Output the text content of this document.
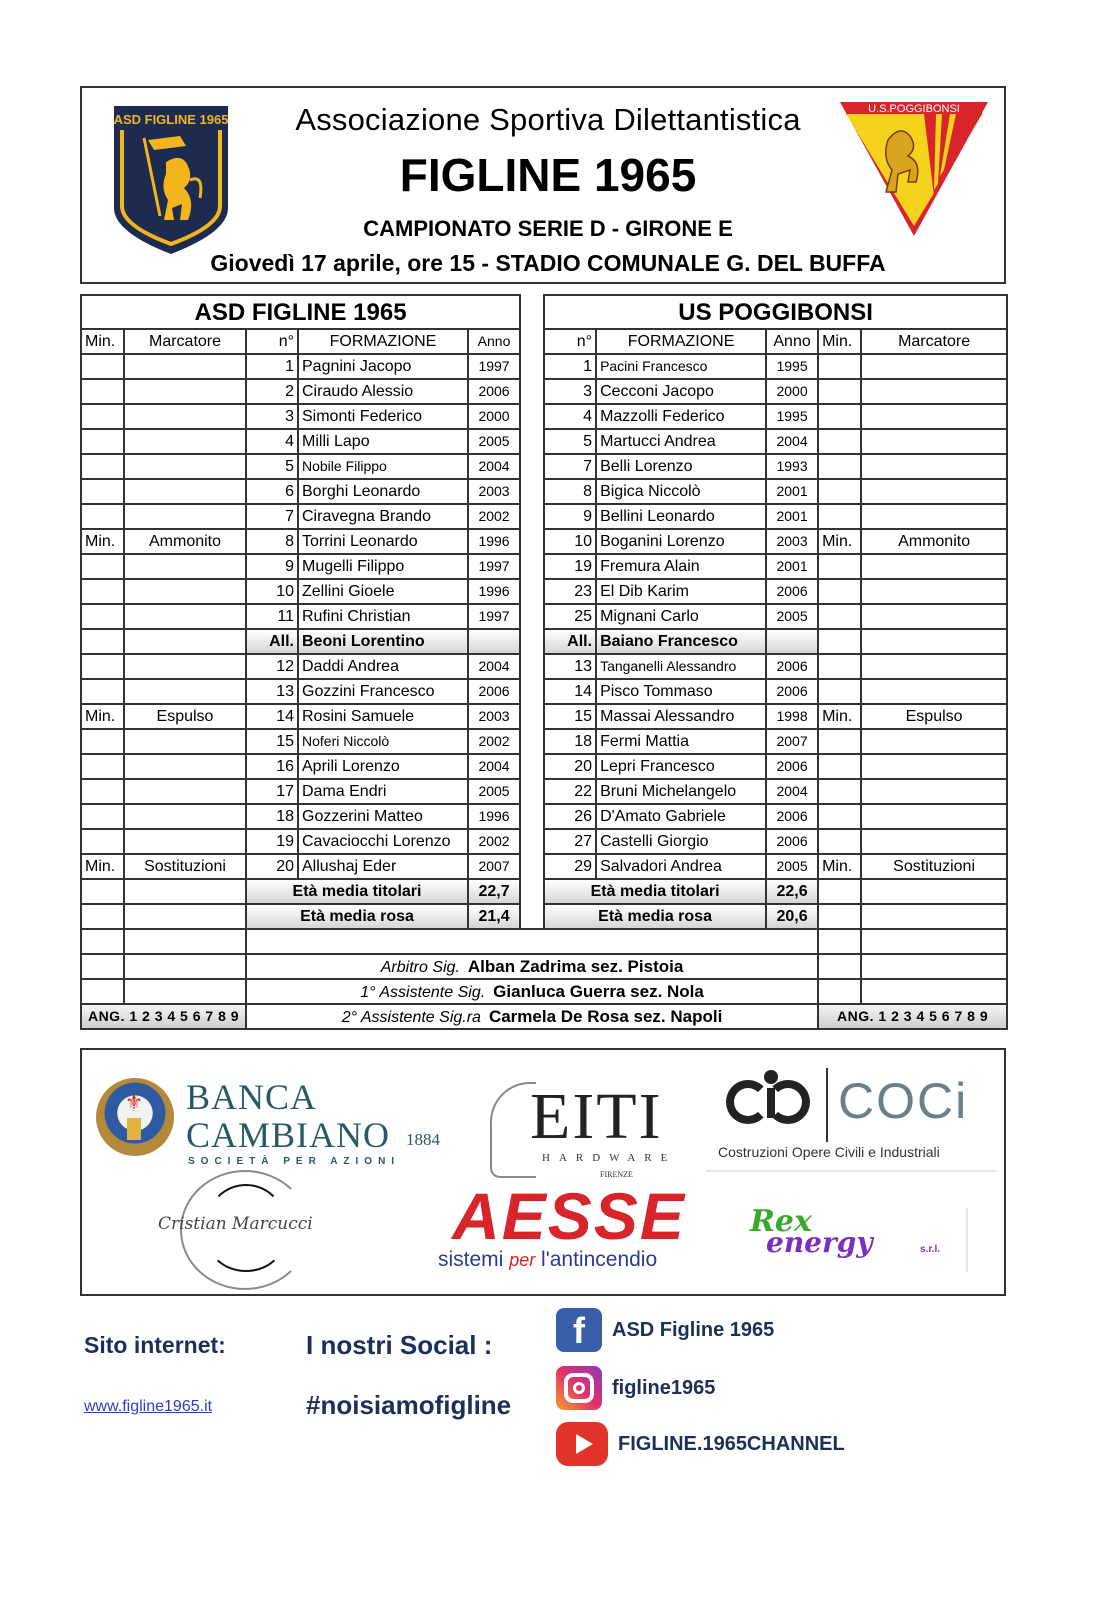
ASD FIGLINE 1965	Associazione Sportiva Dilettantistica
FIGLINE 1965
CAMPIONATO SERIE D - GIRONE E
Giovedì 17 aprile, ore 15 - STADIO COMUNALE G. DEL BUFFA
U.S.POGGIBONSI
ASD FIGLINE 1965						US POGGIBONSI				
Min.	Marcatore	n°	FORMAZIONE	Anno		n°	FORMAZIONE	Anno	Min.	Marcatore
		1	Pagnini Jacopo	1997		1	Pacini Francesco	1995		
		2	Ciraudo Alessio	2006		3	Cecconi Jacopo	2000		
		3	Simonti Federico	2000		4	Mazzolli Federico	1995		
		4	Milli Lapo	2005		5	Martucci Andrea	2004		
		5	Nobile Filippo	2004		7	Belli Lorenzo	1993		
		6	Borghi Leonardo	2003		8	Bigica Niccolò	2001		
		7	Ciravegna Brando	2002		9	Bellini Leonardo	2001		
Min.	Ammonito	8	Torrini Leonardo	1996		10	Boganini Lorenzo	2003	Min.	Ammonito
		9	Mugelli Filippo	1997		19	Fremura Alain	2001		
		10	Zellini Gioele	1996		23	El Dib Karim	2006		
		11	Rufini Christian	1997		25	Mignani Carlo	2005		
		All.	Beoni Lorentino			All.	Baiano Francesco			
		12	Daddi Andrea	2004		13	Tanganelli Alessandro	2006		
		13	Gozzini Francesco	2006		14	Pisco Tommaso	2006		
Min.	Espulso	14	Rosini Samuele	2003		15	Massai Alessandro	1998	Min.	Espulso
		15	Noferi Niccolò	2002		18	Fermi Mattia	2007		
		16	Aprili Lorenzo	2004		20	Lepri Francesco	2006		
		17	Dama Endri	2005		22	Bruni Michelangelo	2004		
		18	Gozzerini Matteo	1996		26	D'Amato Gabriele	2006		
		19	Cavaciocchi Lorenzo	2002		27	Castelli Giorgio	2006		
Min.	Sostituzioni	20	Allushaj Eder	2007		29	Salvadori Andrea	2005	Min.	Sostituzioni
		Età media titolari		22,7		Età media titolari		22,6		
		Età media rosa		21,4		Età media rosa		20,6		

		Arbitro Sig. Alban Zadrima sez. Pistoia								
		1° Assistente Sig. Gianluca Guerra sez. Nola								
ANG. 1 2 3 4 5 6 7 8 9		2° Assistente Sig.ra Carmela De Rosa sez. Napoli							ANG. 1 2 3 4 5 6 7 8 9	
⚜ BANCA
CAMBIANO 1884
SOCIETÀ PER AZIONI
EITI
HARDWARE
FIRENZE
COCi
Costruzioni Opere Civili e Industriali
Cristian Marcucci	AESSE
sistemi per l'antincendio
Rex
energy	s.r.l.
Sito internet:
www.figline1965.it
I nostri Social :
#noisiamofigline
f	ASD Figline 1965
figline1965
FIGLINE.1965CHANNEL
